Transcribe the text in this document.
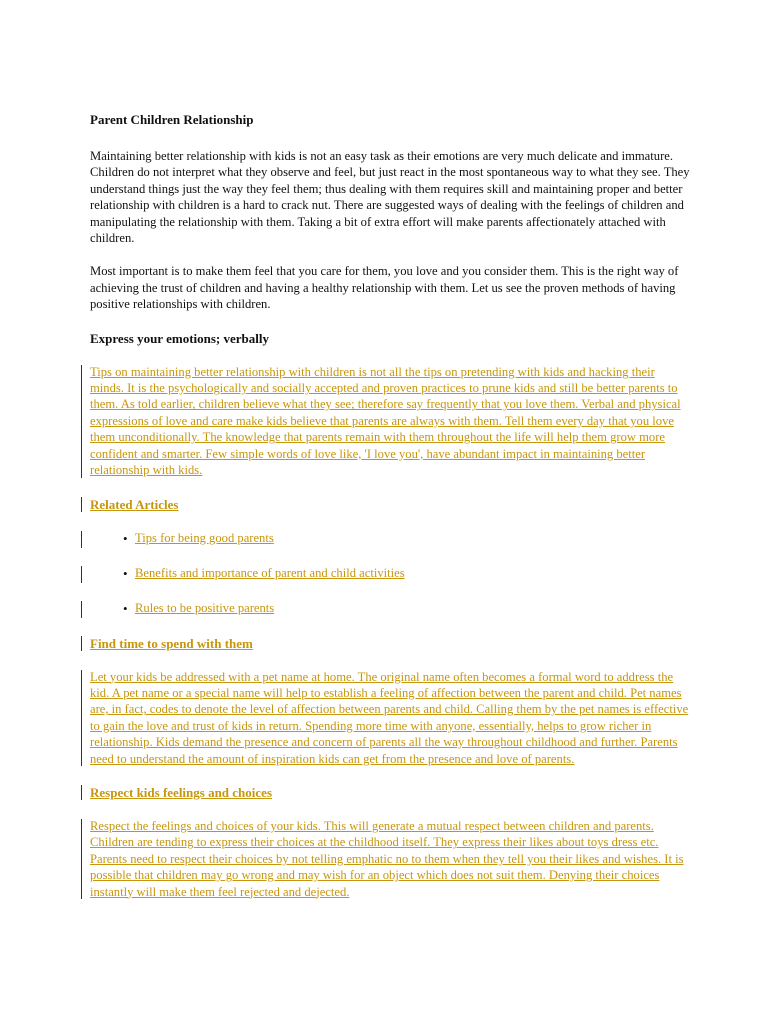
Parent Children Relationship

Maintaining better relationship with kids is not an easy task as their emotions are very much delicate and immature. Children do not interpret what they observe and feel, but just react in the most spontaneous way to what they see. They understand things just the way they feel them; thus dealing with them requires skill and maintaining proper and better relationship with children is a hard to crack nut. There are suggested ways of dealing with the feelings of children and manipulating the relationship with them. Taking a bit of extra effort will make parents affectionately attached with children.

Most important is to make them feel that you care for them, you love and you consider them. This is the right way of achieving the trust of children and having a healthy relationship with them. Let us see the proven methods of having positive relationships with children.

Express your emotions; verbally

Tips on maintaining better relationship with children is not all the tips on pretending with kids and hacking their minds. It is the psychologically and socially accepted and proven practices to prune kids and still be better parents to them. As told earlier, children believe what they see; therefore say frequently that you love them. Verbal and physical expressions of love and care make kids believe that parents are always with them. Tell them every day that you love them unconditionally. The knowledge that parents remain with them throughout the life will help them grow more confident and smarter. Few simple words of love like, 'I love you', have abundant impact in maintaining better relationship with kids.

Related Articles
• Tips for being good parents
• Benefits and importance of parent and child activities
• Rules to be positive parents
Find time to spend with them

Let your kids be addressed with a pet name at home. The original name often becomes a formal word to address the kid. A pet name or a special name will help to establish a feeling of affection between the parent and child. Pet names are, in fact, codes to denote the level of affection between parents and child. Calling them by the pet names is effective to gain the love and trust of kids in return. Spending more time with anyone, essentially, helps to grow richer in relationship. Kids demand the presence and concern of parents all the way throughout childhood and further. Parents need to understand the amount of inspiration kids can get from the presence and love of parents.

Respect kids feelings and choices

Respect the feelings and choices of your kids. This will generate a mutual respect between children and parents. Children are tending to express their choices at the childhood itself. They express their likes about toys dress etc. Parents need to respect their choices by not telling emphatic no to them when they tell you their likes and wishes. It is possible that children may go wrong and may wish for an object which does not suit them. Denying their choices instantly will make them feel rejected and dejected.
